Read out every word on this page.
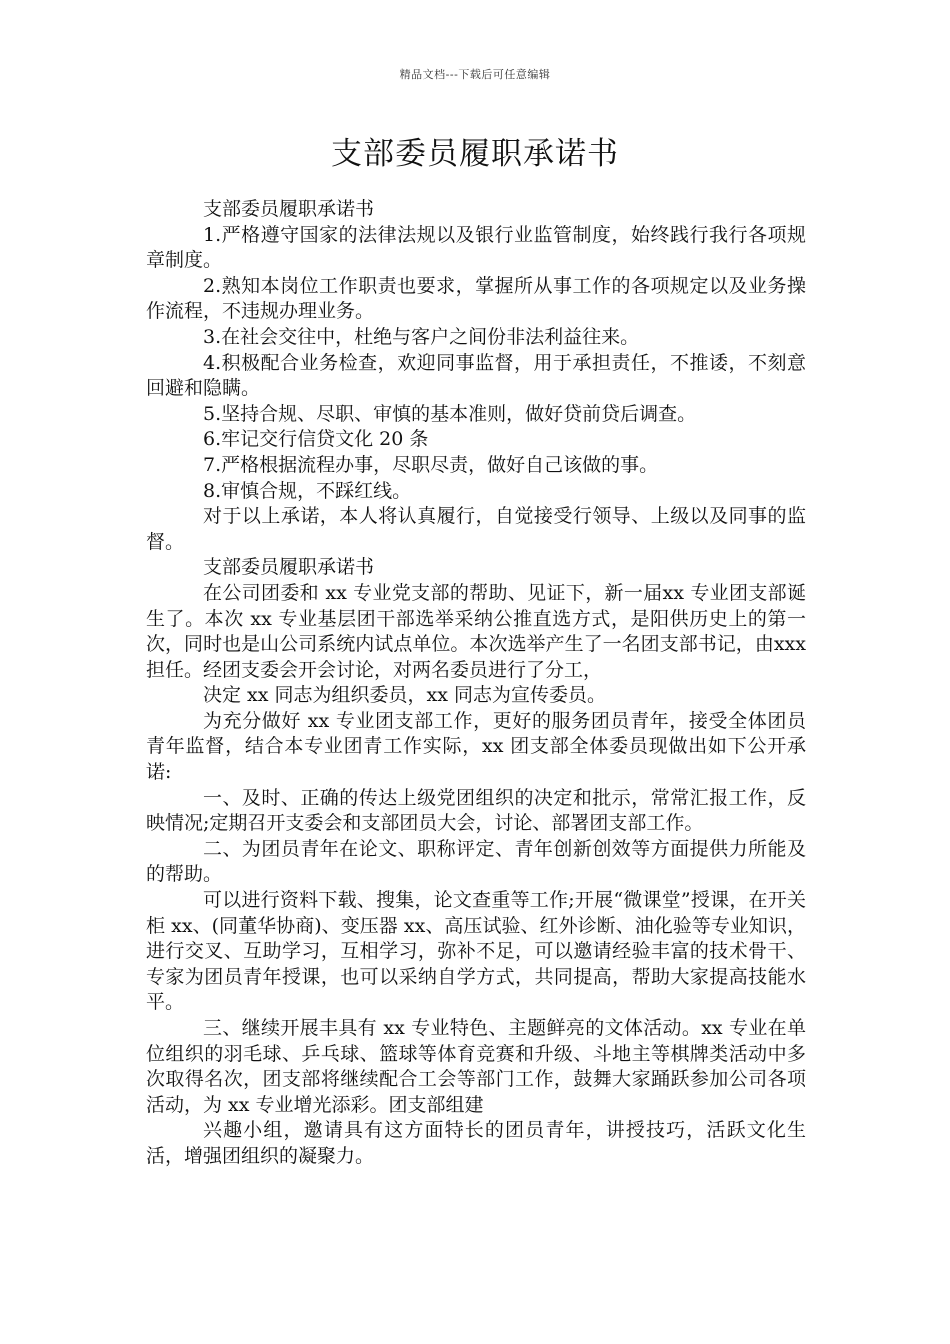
精品文档---下载后可任意编辑
支部委员履职承诺书

支部委员履职承诺书

1.严格遵守国家的法律法规以及银行业监管制度，始终践行我行各项规章制度。

2.熟知本岗位工作职责也要求，掌握所从事工作的各项规定以及业务操作流程，不违规办理业务。

3.在社会交往中，杜绝与客户之间份非法利益往来。

4.积极配合业务检查，欢迎同事监督，用于承担责任，不推诿，不刻意回避和隐瞒。

5.坚持合规、尽职、审慎的基本准则，做好贷前贷后调查。

6.牢记交行信贷文化 20 条

7.严格根据流程办事，尽职尽责，做好自己该做的事。

8.审慎合规，不踩红线。

对于以上承诺，本人将认真履行，自觉接受行领导、上级以及同事的监督。

支部委员履职承诺书

在公司团委和 xx 专业党支部的帮助、见证下，新一届xx 专业团支部诞生了。本次 xx 专业基层团干部选举采纳公推直选方式，是阳供历史上的第一次，同时也是山公司系统内试点单位。本次选举产生了一名团支部书记，由xxx 担任。经团支委会开会讨论，对两名委员进行了分工，

决定 xx 同志为组织委员，xx 同志为宣传委员。

为充分做好 xx 专业团支部工作，更好的服务团员青年，接受全体团员青年监督，结合本专业团青工作实际，xx 团支部全体委员现做出如下公开承诺:

一、及时、正确的传达上级党团组织的决定和批示，常常汇报工作，反映情况;定期召开支委会和支部团员大会，讨论、部署团支部工作。

二、为团员青年在论文、职称评定、青年创新创效等方面提供力所能及的帮助。

可以进行资料下载、搜集，论文查重等工作;开展“微课堂”授课，在开关柜 xx、(同董华协商)、变压器 xx、高压试验、红外诊断、油化验等专业知识，进行交叉、互助学习，互相学习，弥补不足，可以邀请经验丰富的技术骨干、专家为团员青年授课，也可以采纳自学方式，共同提高，帮助大家提高技能水平。

三、继续开展丰具有 xx 专业特色、主题鲜亮的文体活动。xx 专业在单位组织的羽毛球、乒乓球、篮球等体育竞赛和升级、斗地主等棋牌类活动中多次取得名次，团支部将继续配合工会等部门工作，鼓舞大家踊跃参加公司各项活动，为 xx 专业增光添彩。团支部组建

兴趣小组，邀请具有这方面特长的团员青年，讲授技巧，活跃文化生活，增强团组织的凝聚力。
